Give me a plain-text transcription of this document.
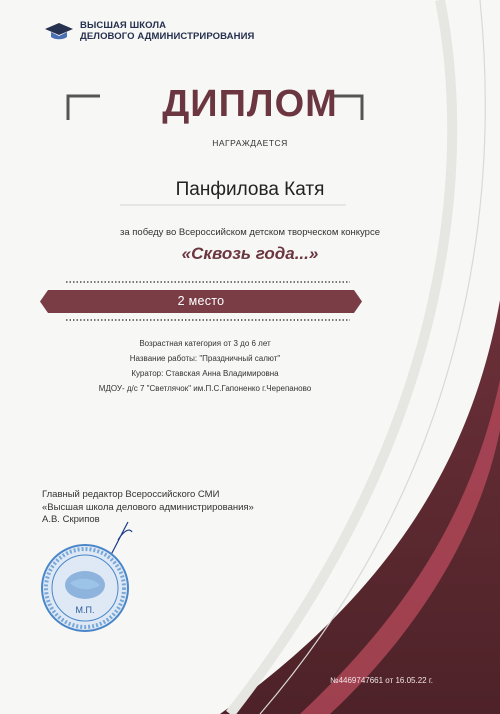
ВЫСШАЯ ШКОЛА
ДЕЛОВОГО АДМИНИСТРИРОВАНИЯ
ДИПЛОМ
НАГРАЖДАЕТСЯ
Панфилова Катя
за победу во Всероссийском детском творческом конкурсе
«Сквозь года...»
2 место
Возрастная категория от 3 до 6 лет
Название работы: "Праздничный салют"
Куратор: Ставская Анна Владимировна
МДОУ- д/с 7 "Светлячок" им.П.С.Гапоненко г.Черепаново
Главный редактор Всероссийского СМИ
«Высшая школа делового администрирования»
А.В. Скрипов
М.П.
№4469747661 от 16.05.22 г.
